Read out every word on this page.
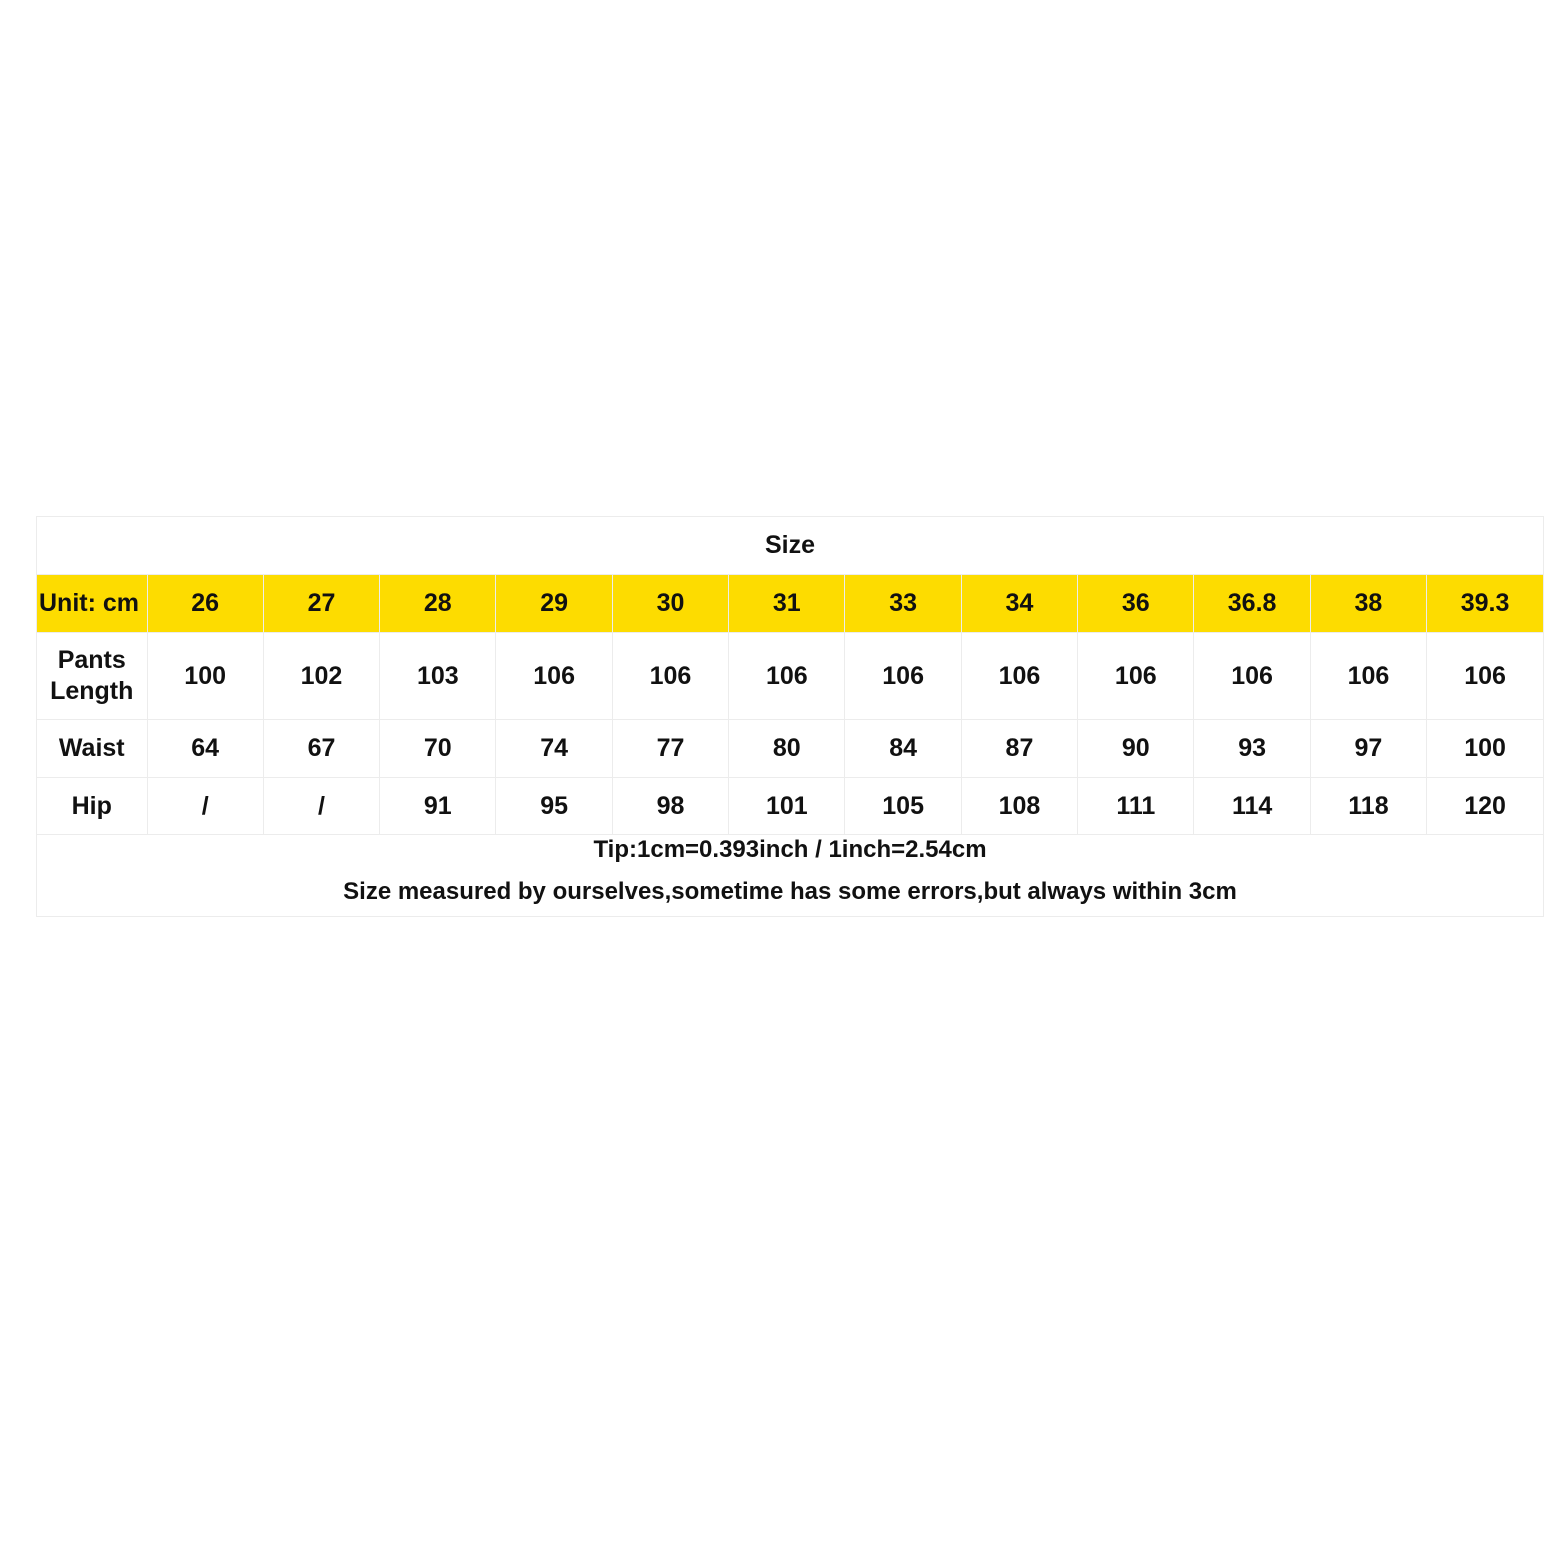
Size												
Unit: cm	26	27	28	29	30	31	33	34	36	36.8	38	39.3
Pants
Length	100	102	103	106	106	106	106	106	106	106	106	106
Waist	64	67	70	74	77	80	84	87	90	93	97	100
Hip	/	/	91	95	98	101	105	108	111	114	118	120
Tip:1cm=0.393inch / 1inch=2.54cm
Size measured by ourselves,sometime has some errors,but always within 3cm
